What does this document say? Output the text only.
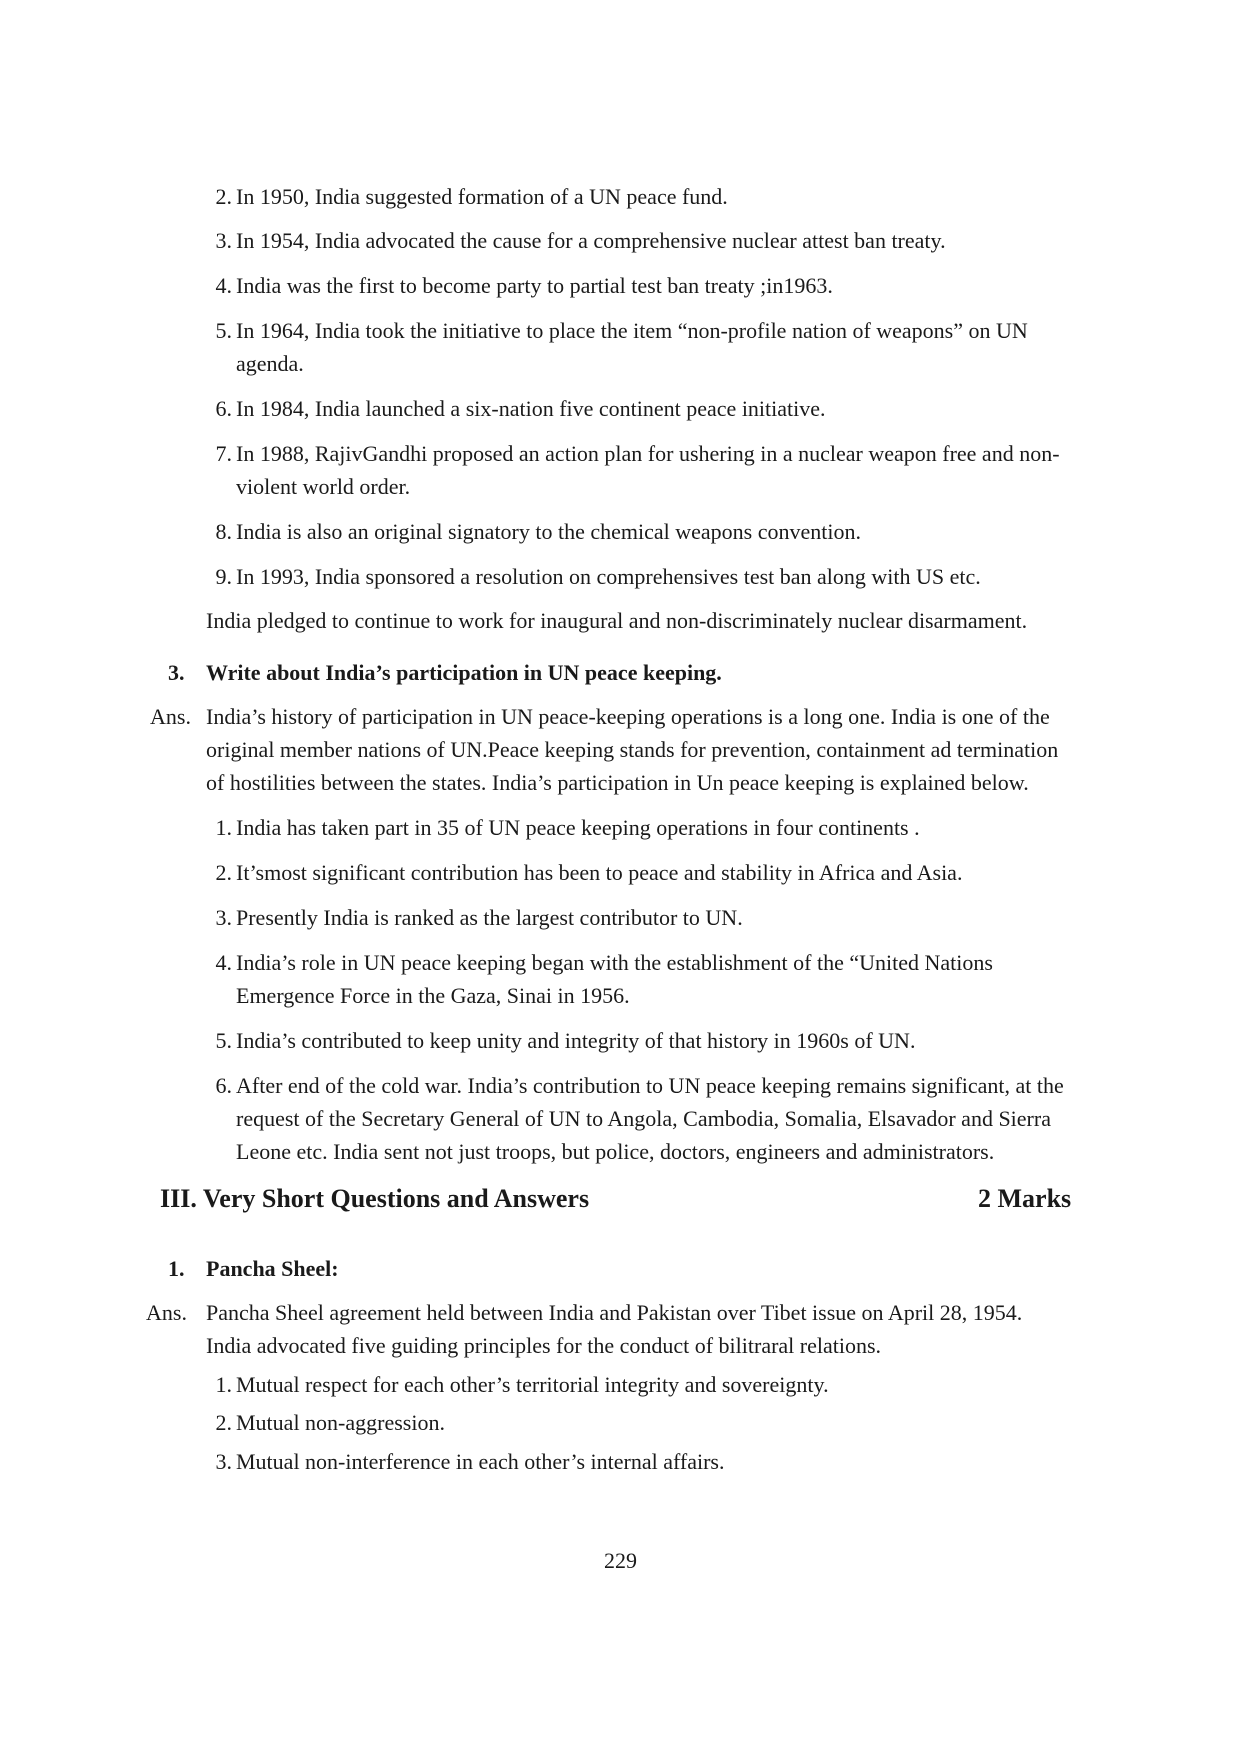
2. In 1950, India suggested formation of a UN peace fund.
3. In 1954, India advocated the cause for a comprehensive nuclear attest ban treaty.
4. India was the first to become party to partial test ban treaty ;in1963.
5. In 1964, India took the initiative to place the item “non-profile nation of weapons” on UN
agenda.
6. In 1984, India launched a six-nation five continent peace initiative.
7. In 1988, RajivGandhi proposed an action plan for ushering in a nuclear weapon free and non-
violent world order.
8. India is also an original signatory to the chemical weapons convention.
9. In 1993, India sponsored a resolution on comprehensives test ban along with US etc.

India pledged to continue to work for inaugural and non-discriminately nuclear disarmament.

3. Write about India’s participation in UN peace keeping.
Ans. India’s history of participation in UN peace-keeping operations is a long one. India is one of the
original member nations of UN.Peace keeping stands for prevention, containment ad termination
of hostilities between the states. India’s participation in Un peace keeping is explained below.
1. India has taken part in 35 of UN peace keeping operations in four continents .
2. It’smost significant contribution has been to peace and stability in Africa and Asia.
3. Presently India is ranked as the largest contributor to UN.
4. India’s role in UN peace keeping began with the establishment of the “United Nations
Emergence Force in the Gaza, Sinai in 1956.
5. India’s contributed to keep unity and integrity of that history in 1960s of UN.
6. After end of the cold war. India’s contribution to UN peace keeping remains significant, at the
request of the Secretary General of UN to Angola, Cambodia, Somalia, Elsavador and Sierra
Leone etc. India sent not just troops, but police, doctors, engineers and administrators.
III. Very Short Questions and Answers	2 Marks
1. Pancha Sheel:
Ans. Pancha Sheel agreement held between India and Pakistan over Tibet issue on April 28, 1954.
India advocated five guiding principles for the conduct of bilitraral relations.
1. Mutual respect for each other’s territorial integrity and sovereignty.
2. Mutual non-aggression.
3. Mutual non-interference in each other’s internal affairs.
229
